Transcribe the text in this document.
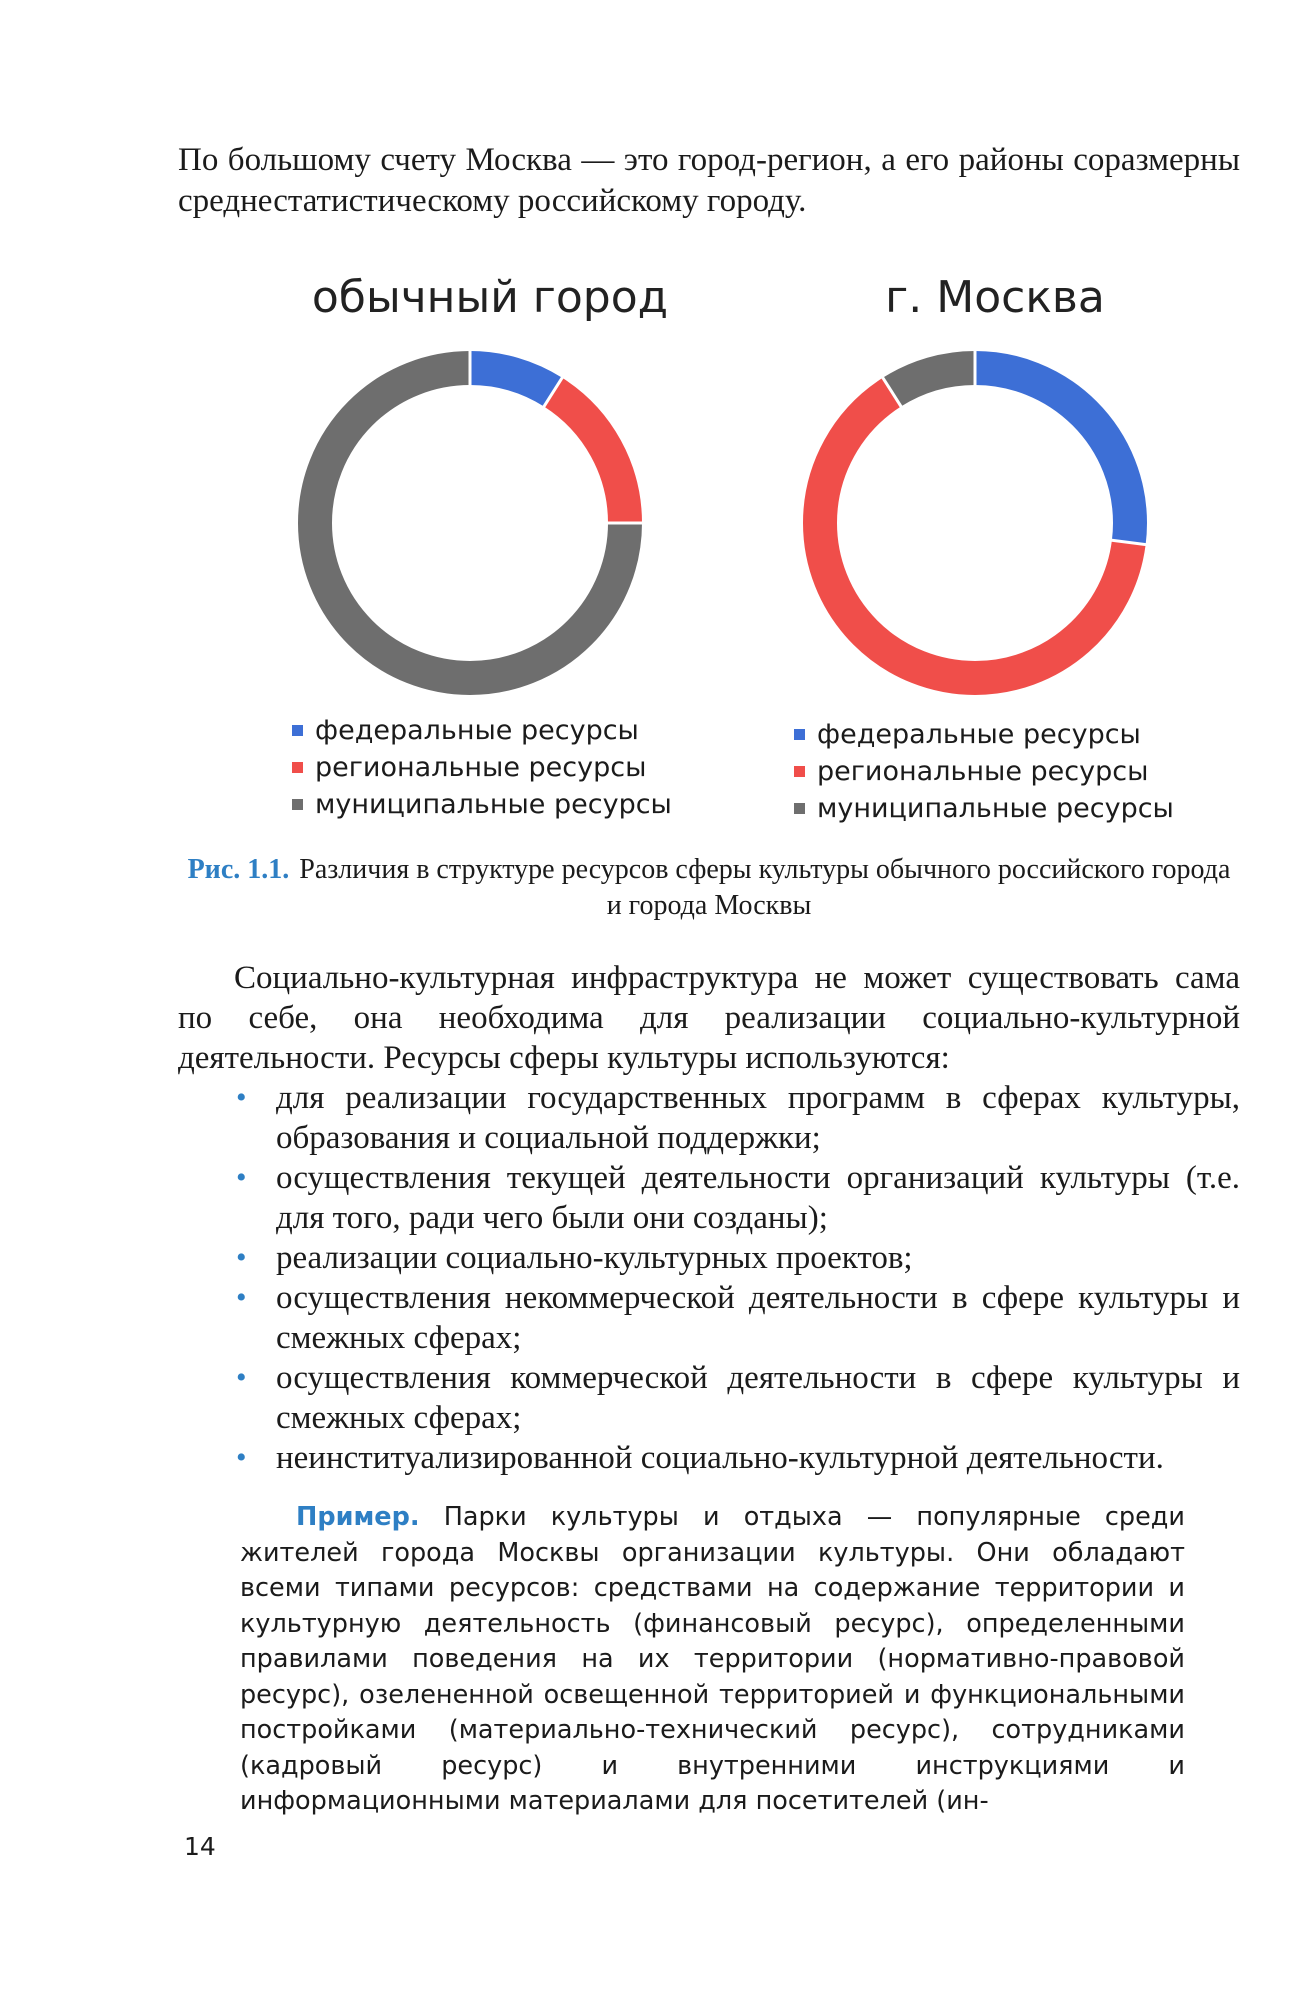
По большому счету Москва — это город-регион, а его районы соразмерны среднестатистическому российскому городу.

обычный город	г. Москва
федеральные ресурсы
региональные ресурсы
муниципальные ресурсы
федеральные ресурсы
региональные ресурсы
муниципальные ресурсы

Рис. 1.1. Различия в структуре ресурсов сферы культуры обычного российского города и города Москвы

Социально-культурная инфраструктура не может существовать сама по себе, она необходима для реализации социально-культурной деятельности. Ресурсы сферы культуры используются:

• для реализации государственных программ в сферах культуры, образования и социальной поддержки;
• осуществления текущей деятельности организаций культуры (т.е. для того, ради чего были они созданы);
• реализации социально-культурных проектов;
• осуществления некоммерческой деятельности в сфере культуры и смежных сферах;
• осуществления коммерческой деятельности в сфере культуры и смежных сферах;
• неинституализированной социально-культурной деятельности.

Пример. Парки культуры и отдыха — популярные среди жителей города Москвы организации культуры. Они обладают всеми типами ресурсов: средствами на содержание территории и культурную деятельность (финансовый ресурс), определенными правилами поведения на их территории (нормативно-правовой ресурс), озелененной освещенной территорией и функциональными постройками (материально-технический ресурс), сотрудниками (кадровый ресурс) и внутренними инструкциями и информационными материалами для посетителей (ин-

14
